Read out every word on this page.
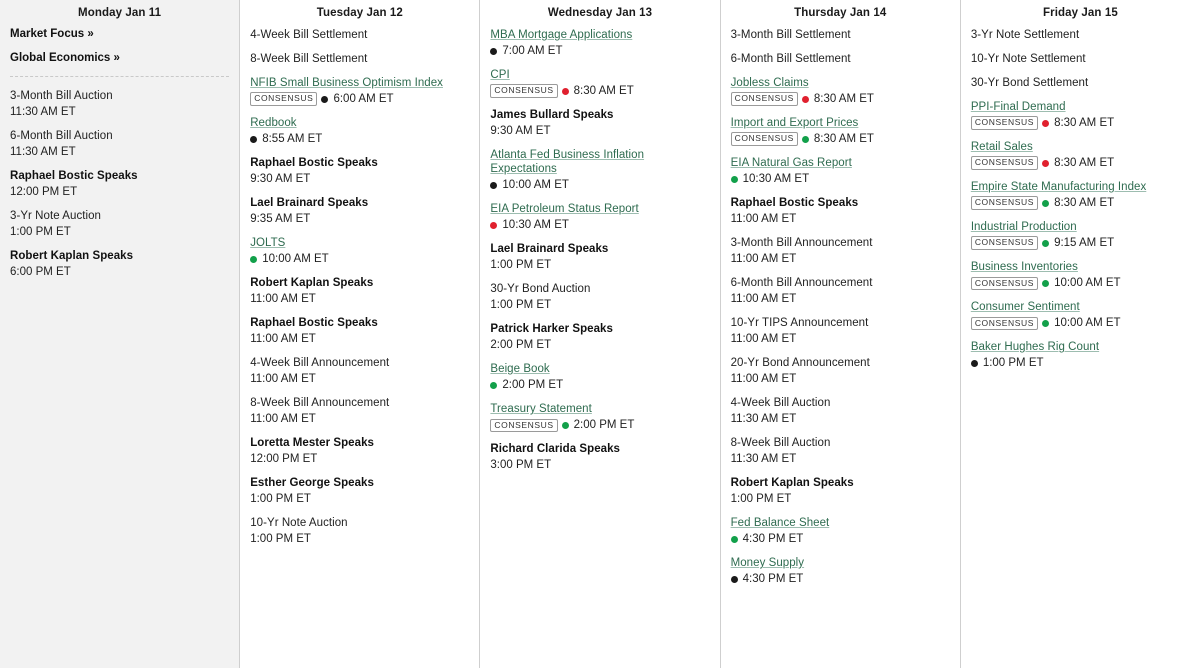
Monday Jan 11
Market Focus »
Global Economics »
3-Month Bill Auction
11:30 AM ET
6-Month Bill Auction
11:30 AM ET
Raphael Bostic Speaks
12:00 PM ET
3-Yr Note Auction
1:00 PM ET
Robert Kaplan Speaks
6:00 PM ET
Tuesday Jan 12
4-Week Bill Settlement
8-Week Bill Settlement
NFIB Small Business Optimism Index
CONSENSUS	6:00 AM ET
Redbook
8:55 AM ET
Raphael Bostic Speaks
9:30 AM ET
Lael Brainard Speaks
9:35 AM ET
JOLTS
10:00 AM ET
Robert Kaplan Speaks
11:00 AM ET
Raphael Bostic Speaks
11:00 AM ET
4-Week Bill Announcement
11:00 AM ET
8-Week Bill Announcement
11:00 AM ET
Loretta Mester Speaks
12:00 PM ET
Esther George Speaks
1:00 PM ET
10-Yr Note Auction
1:00 PM ET
Wednesday Jan 13
MBA Mortgage Applications
7:00 AM ET
CPI
CONSENSUS	8:30 AM ET
James Bullard Speaks
9:30 AM ET
Atlanta Fed Business Inflation Expectations
10:00 AM ET
EIA Petroleum Status Report
10:30 AM ET
Lael Brainard Speaks
1:00 PM ET
30-Yr Bond Auction
1:00 PM ET
Patrick Harker Speaks
2:00 PM ET
Beige Book
2:00 PM ET
Treasury Statement
CONSENSUS	2:00 PM ET
Richard Clarida Speaks
3:00 PM ET
Thursday Jan 14
3-Month Bill Settlement
6-Month Bill Settlement
Jobless Claims
CONSENSUS	8:30 AM ET
Import and Export Prices
CONSENSUS	8:30 AM ET
EIA Natural Gas Report
10:30 AM ET
Raphael Bostic Speaks
11:00 AM ET
3-Month Bill Announcement
11:00 AM ET
6-Month Bill Announcement
11:00 AM ET
10-Yr TIPS Announcement
11:00 AM ET
20-Yr Bond Announcement
11:00 AM ET
4-Week Bill Auction
11:30 AM ET
8-Week Bill Auction
11:30 AM ET
Robert Kaplan Speaks
1:00 PM ET
Fed Balance Sheet
4:30 PM ET
Money Supply
4:30 PM ET
Friday Jan 15
3-Yr Note Settlement
10-Yr Note Settlement
30-Yr Bond Settlement
PPI-Final Demand
CONSENSUS	8:30 AM ET
Retail Sales
CONSENSUS	8:30 AM ET
Empire State Manufacturing Index
CONSENSUS	8:30 AM ET
Industrial Production
CONSENSUS	9:15 AM ET
Business Inventories
CONSENSUS	10:00 AM ET
Consumer Sentiment
CONSENSUS	10:00 AM ET
Baker Hughes Rig Count
1:00 PM ET
